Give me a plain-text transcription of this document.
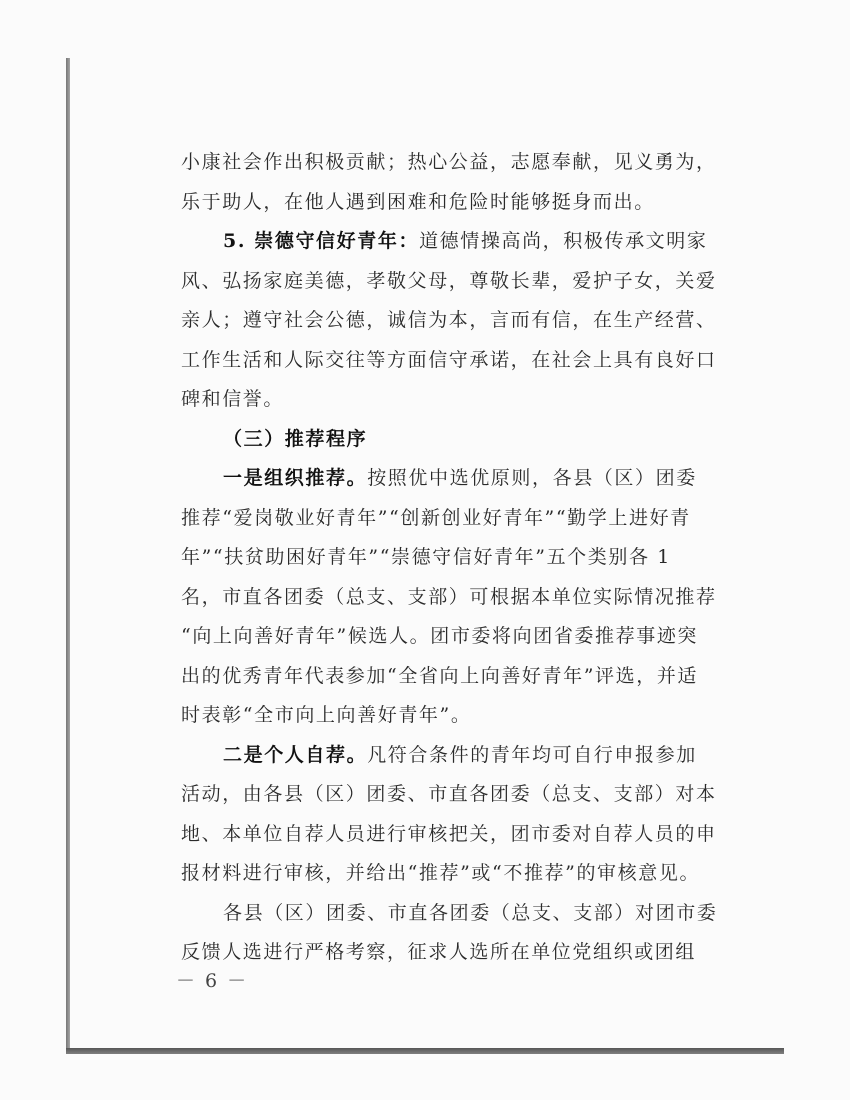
小康社会作出积极贡献；热心公益，志愿奉献，见义勇为，
乐于助人，在他人遇到困难和危险时能够挺身而出。
5. 崇德守信好青年：道德情操高尚，积极传承文明家
风、弘扬家庭美德，孝敬父母，尊敬长辈，爱护子女，关爱
亲人；遵守社会公德，诚信为本，言而有信，在生产经营、
工作生活和人际交往等方面信守承诺，在社会上具有良好口
碑和信誉。
（三）推荐程序
一是组织推荐。按照优中选优原则，各县（区）团委
推荐“爱岗敬业好青年”“创新创业好青年”“勤学上进好青
年”“扶贫助困好青年”“崇德守信好青年”五个类别各 1
名，市直各团委（总支、支部）可根据本单位实际情况推荐
“向上向善好青年”候选人。团市委将向团省委推荐事迹突
出的优秀青年代表参加“全省向上向善好青年”评选，并适
时表彰“全市向上向善好青年”。
二是个人自荐。凡符合条件的青年均可自行申报参加
活动，由各县（区）团委、市直各团委（总支、支部）对本
地、本单位自荐人员进行审核把关，团市委对自荐人员的申
报材料进行审核，并给出“推荐”或“不推荐”的审核意见。
各县（区）团委、市直各团委（总支、支部）对团市委
反馈人选进行严格考察，征求人选所在单位党组织或团组
－ 6 －
